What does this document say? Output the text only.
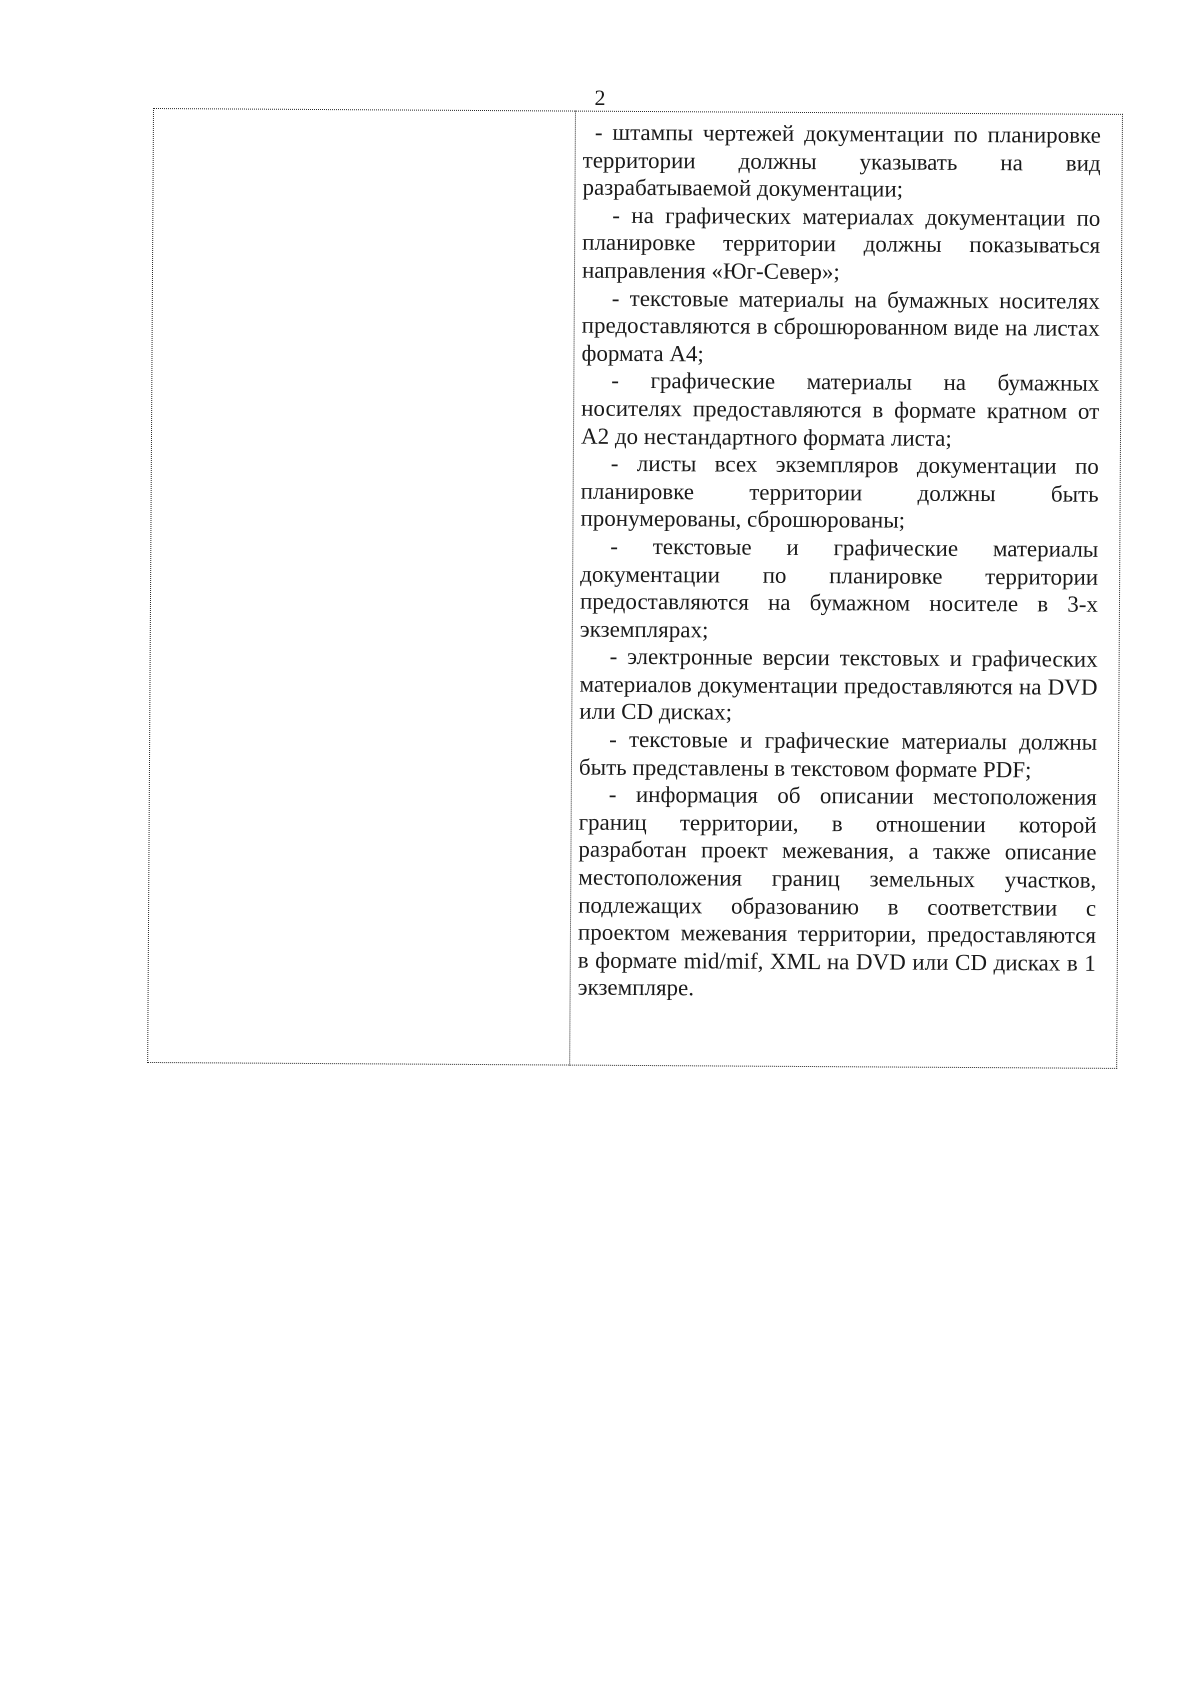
2

- штампы чертежей документации по планировке территории должны указывать на вид разрабатываемой документации;

- на графических материалах документации по планировке территории должны показываться направления «Юг-Север»;

- текстовые материалы на бумажных носителях предоставляются в сброшюрованном виде на листах формата А4;

- графические материалы на бумажных носителях предоставляются в формате кратном от А2 до нестандартного формата листа;

- листы всех экземпляров документации по планировке территории должны быть пронумерованы, сброшюрованы;

- текстовые и графические материалы документации по планировке территории предоставляются на бумажном носителе в 3-х экземплярах;

- электронные версии текстовых и графических материалов документации предоставляются на DVD или CD дисках;

- текстовые и графические материалы должны быть представлены в текстовом формате PDF;

- информация об описании местоположения границ территории, в отношении которой разработан проект межевания, а также описание местоположения границ земельных участков, подлежащих образованию в соответствии с проектом межевания территории, предоставляются в формате mid/mif, XML на DVD или CD дисках в 1 экземпляре.
